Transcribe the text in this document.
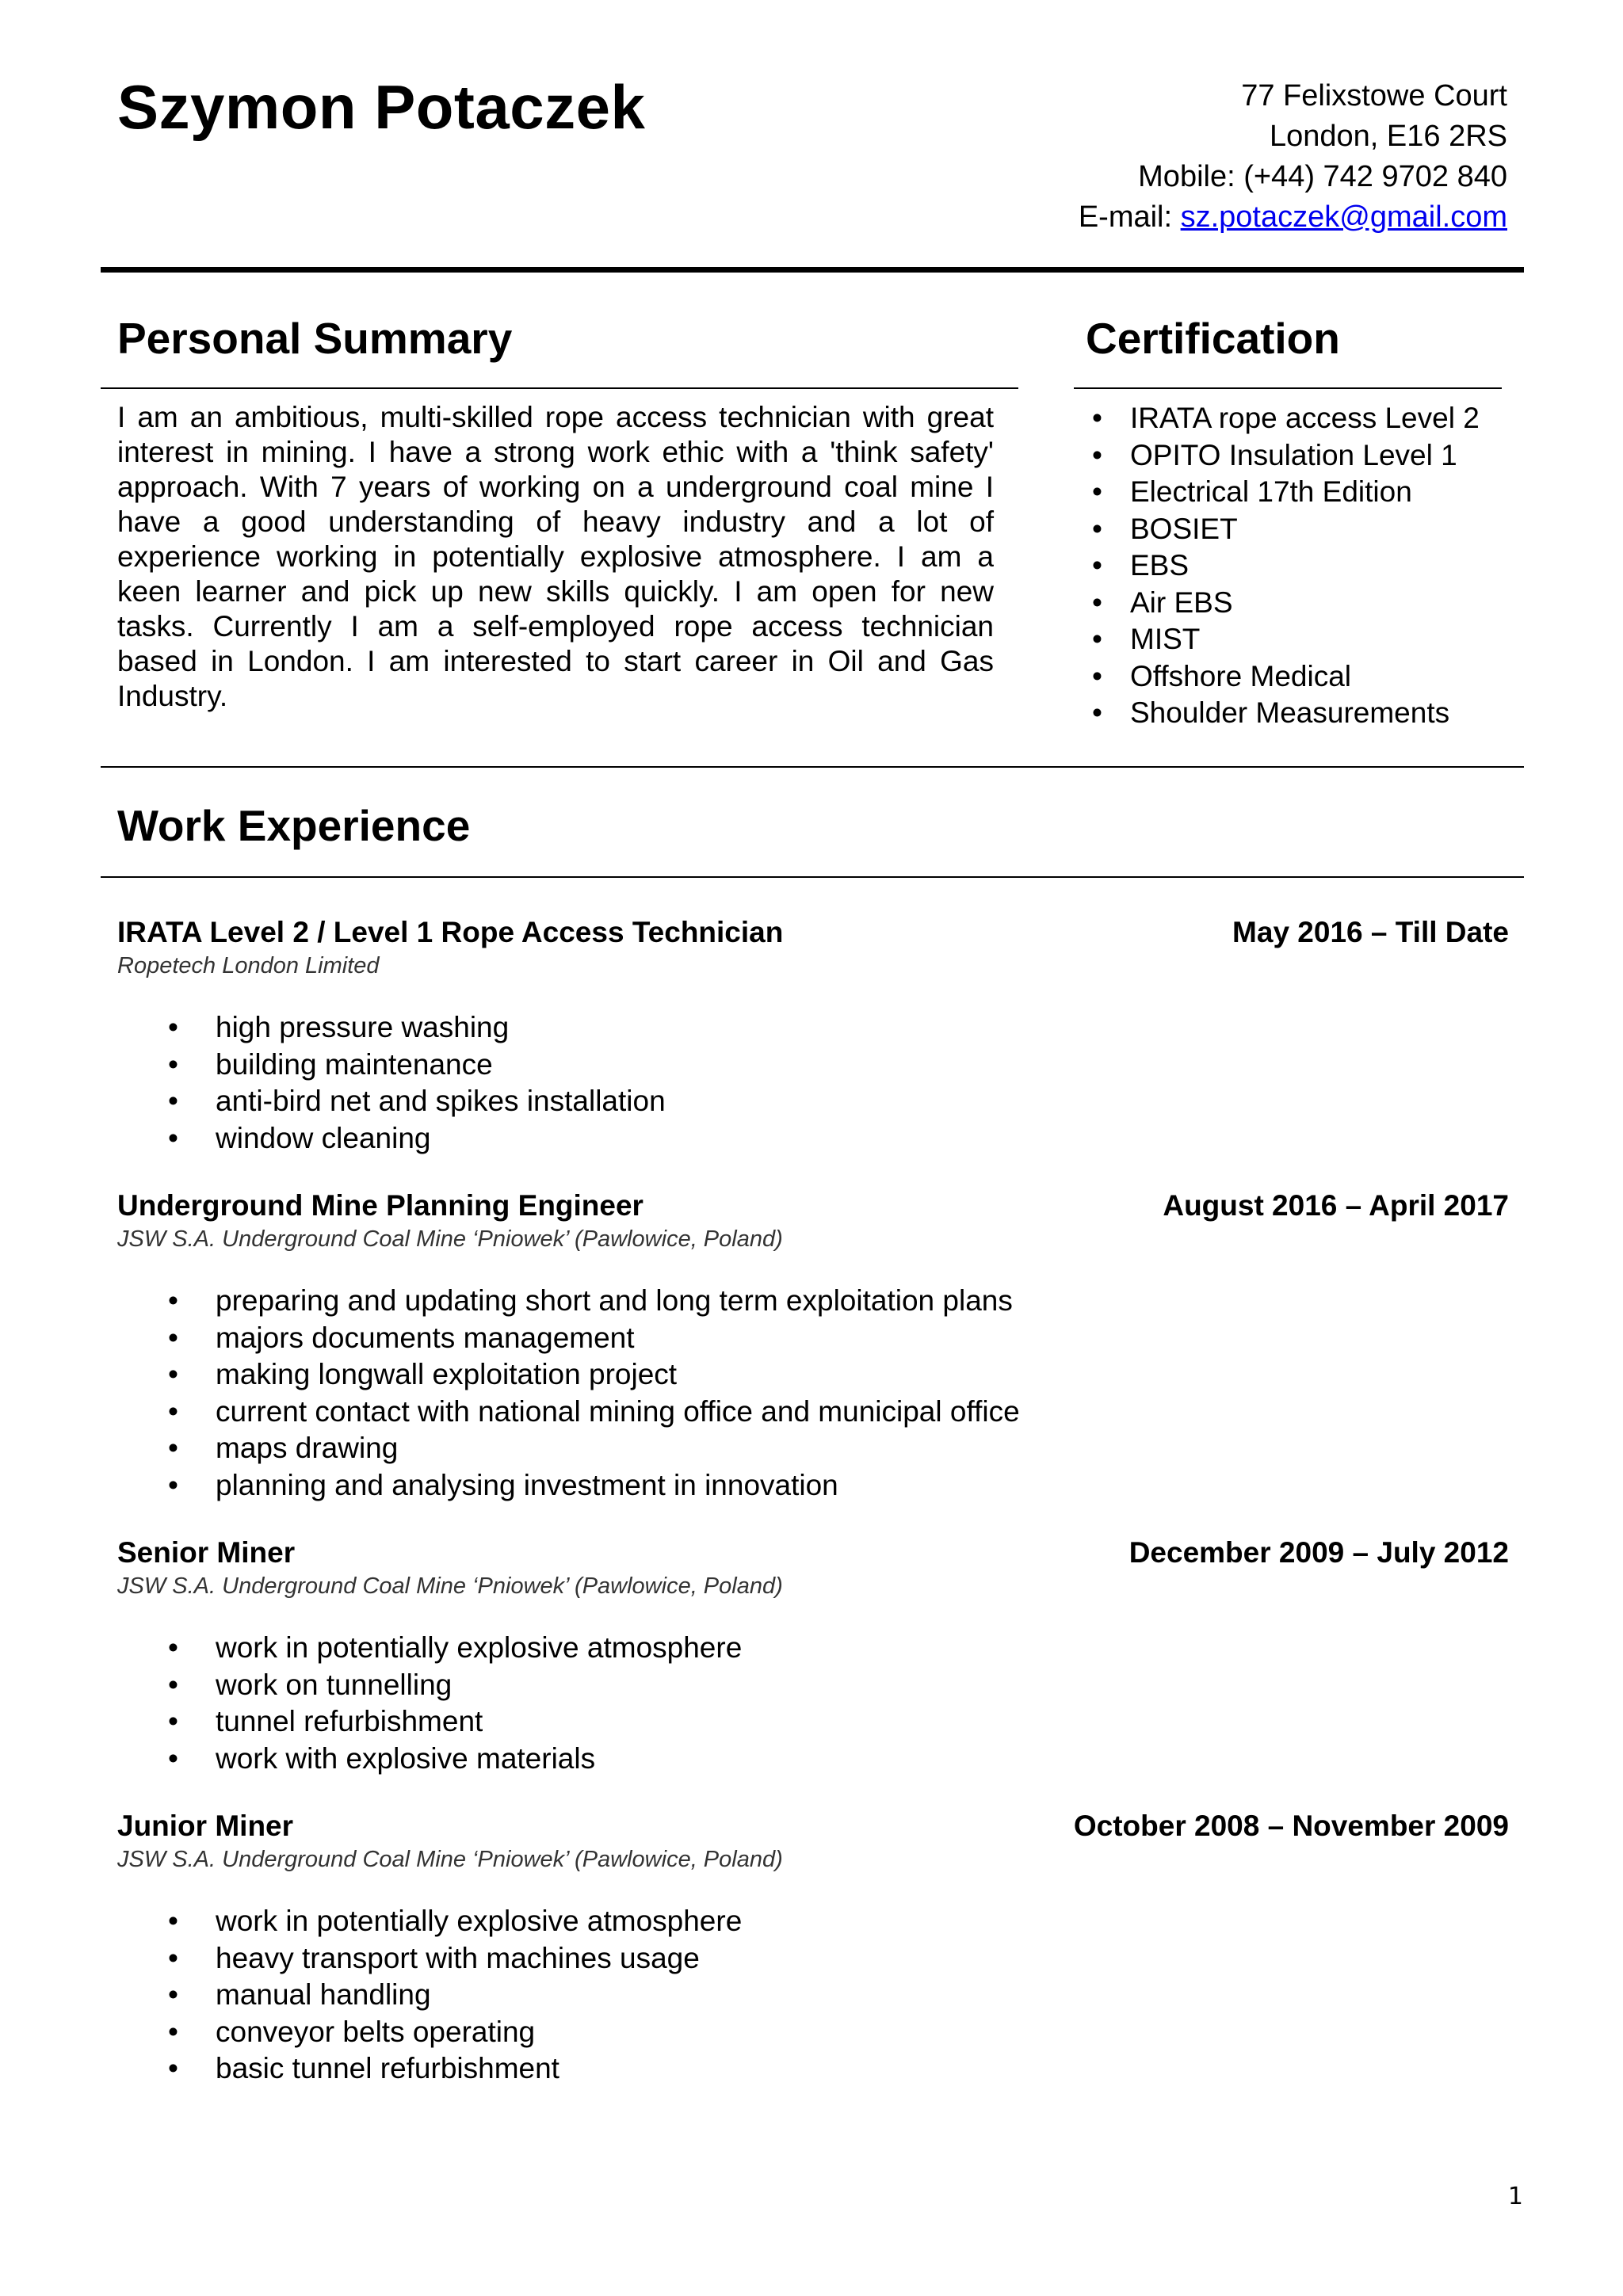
Szymon Potaczek	77 Felixstowe Court
London, E16 2RS
Mobile: (+44) 742 9702 840
E-mail: sz.potaczek@gmail.com
Personal Summary

I am an ambitious, multi-skilled rope access technician with great interest in mining. I have a strong work ethic with a 'think safety' approach. With 7 years of working on a underground coal mine I have a good understanding of heavy industry and a lot of experience working in potentially explosive atmosphere. I am a keen learner and pick up new skills quickly. I am open for new tasks. Currently I am a self-employed rope access technician based in London. I am interested to start career in Oil and Gas Industry.

Certification
• IRATA rope access Level 2
• OPITO Insulation Level 1
• Electrical 17th Edition
• BOSIET
• EBS
• Air EBS
• MIST
• Offshore Medical
• Shoulder Measurements
Work Experience
IRATA Level 2 / Level 1 Rope Access Technician	May 2016 – Till Date
Ropetech London Limited
• high pressure washing
• building maintenance
• anti-bird net and spikes installation
• window cleaning
Underground Mine Planning Engineer	August 2016 – April 2017
JSW S.A. Underground Coal Mine ‘Pniowek’ (Pawlowice, Poland)
• preparing and updating short and long term exploitation plans
• majors documents management
• making longwall exploitation project
• current contact with national mining office and municipal office
• maps drawing
• planning and analysing investment in innovation
Senior Miner	December 2009 – July 2012
JSW S.A. Underground Coal Mine ‘Pniowek’ (Pawlowice, Poland)
• work in potentially explosive atmosphere
• work on tunnelling
• tunnel refurbishment
• work with explosive materials
Junior Miner	October 2008 – November 2009
JSW S.A. Underground Coal Mine ‘Pniowek’ (Pawlowice, Poland)
• work in potentially explosive atmosphere
• heavy transport with machines usage
• manual handling
• conveyor belts operating
• basic tunnel refurbishment
1
